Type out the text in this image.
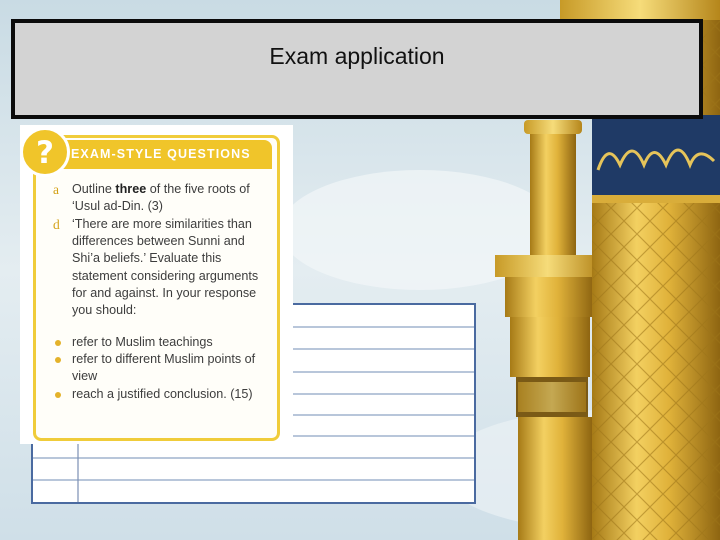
Exam application
EXAM-STYLE QUESTIONS
?
a Outline three of the five roots of ‘Usul ad-Din. (3)
d ‘There are more similarities than differences between Sunni and Shi’a beliefs.’ Evaluate this statement considering arguments for and against. In your response you should:
refer to Muslim teachings
refer to different Muslim points of view
reach a justified conclusion. (15)
